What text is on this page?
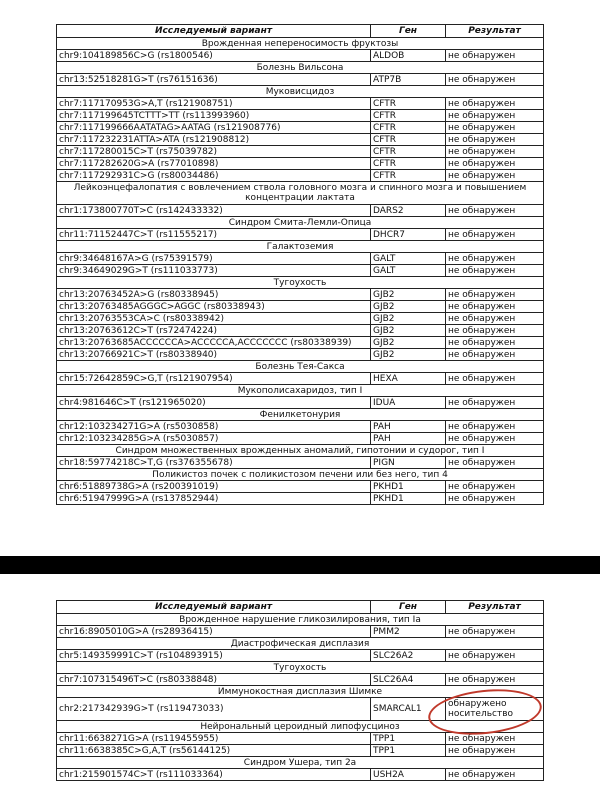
Исследуемый вариант	Ген	Результат
Врожденная непереносимость фруктозы		
chr9:104189856C>G (rs1800546)	ALDOB	не обнаружен
Болезнь Вильсона		
chr13:52518281G>T (rs76151636)	ATP7B	не обнаружен
Муковисцидоз		
chr7:117170953G>A,T (rs121908751)	CFTR	не обнаружен
chr7:117199645TCTTT>TT (rs113993960)	CFTR	не обнаружен
chr7:117199666AATATAG>AATAG (rs121908776)	CFTR	не обнаружен
chr7:117232231ATTA>ATA (rs121908812)	CFTR	не обнаружен
chr7:117280015C>T (rs75039782)	CFTR	не обнаружен
chr7:117282620G>A (rs77010898)	CFTR	не обнаружен
chr7:117292931C>G (rs80034486)	CFTR	не обнаружен
Лейкоэнцефалопатия с вовлечением ствола головного мозга и спинного мозга и повышением концентрации лактата		
chr1:173800770T>C (rs142433332)	DARS2	не обнаружен
Синдром Смита-Лемли-Опица		
chr11:71152447C>T (rs11555217)	DHCR7	не обнаружен
Галактоземия		
chr9:34648167A>G (rs75391579)	GALT	не обнаружен
chr9:34649029G>T (rs111033773)	GALT	не обнаружен
Тугоухость		
chr13:20763452A>G (rs80338945)	GJB2	не обнаружен
chr13:20763485AGGGC>AGGC (rs80338943)	GJB2	не обнаружен
chr13:20763553CA>C (rs80338942)	GJB2	не обнаружен
chr13:20763612C>T (rs72474224)	GJB2	не обнаружен
chr13:20763685ACCCCCCA>ACCCCCA,ACCCCCCC (rs80338939)	GJB2	не обнаружен
chr13:20766921C>T (rs80338940)	GJB2	не обнаружен
Болезнь Тея-Сакса		
chr15:72642859C>G,T (rs121907954)	HEXA	не обнаружен
Мукополисахаридоз, тип I		
chr4:981646C>T (rs121965020)	IDUA	не обнаружен
Фенилкетонурия		
chr12:103234271G>A (rs5030858)	PAH	не обнаружен
chr12:103234285G>A (rs5030857)	PAH	не обнаружен
Синдром множественных врожденных аномалий, гипотонии и судорог, тип I		
chr18:59774218C>T,G (rs376355678)	PIGN	не обнаружен
Поликистоз почек с поликистозом печени или без него, тип 4		
chr6:51889738G>A (rs200391019)	PKHD1	не обнаружен
chr6:51947999G>A (rs137852944)	PKHD1	не обнаружен
Исследуемый вариант	Ген	Результат
Врожденное нарушение гликозилирования, тип Ia		
chr16:8905010G>A (rs28936415)	PMM2	не обнаружен
Диастрофическая дисплазия		
chr5:149359991C>T (rs104893915)	SLC26A2	не обнаружен
Тугоухость		
chr7:107315496T>C (rs80338848)	SLC26A4	не обнаружен
Иммунокостная дисплазия Шимке		
chr2:217342939G>T (rs119473033)	SMARCAL1	обнаружено носительство
Нейрональный цероидный липофусциноз		
chr11:6638271G>A (rs119455955)	TPP1	не обнаружен
chr11:6638385C>G,A,T (rs56144125)	TPP1	не обнаружен
Синдром Ушера, тип 2а		
chr1:215901574C>T (rs111033364)	USH2A	не обнаружен
